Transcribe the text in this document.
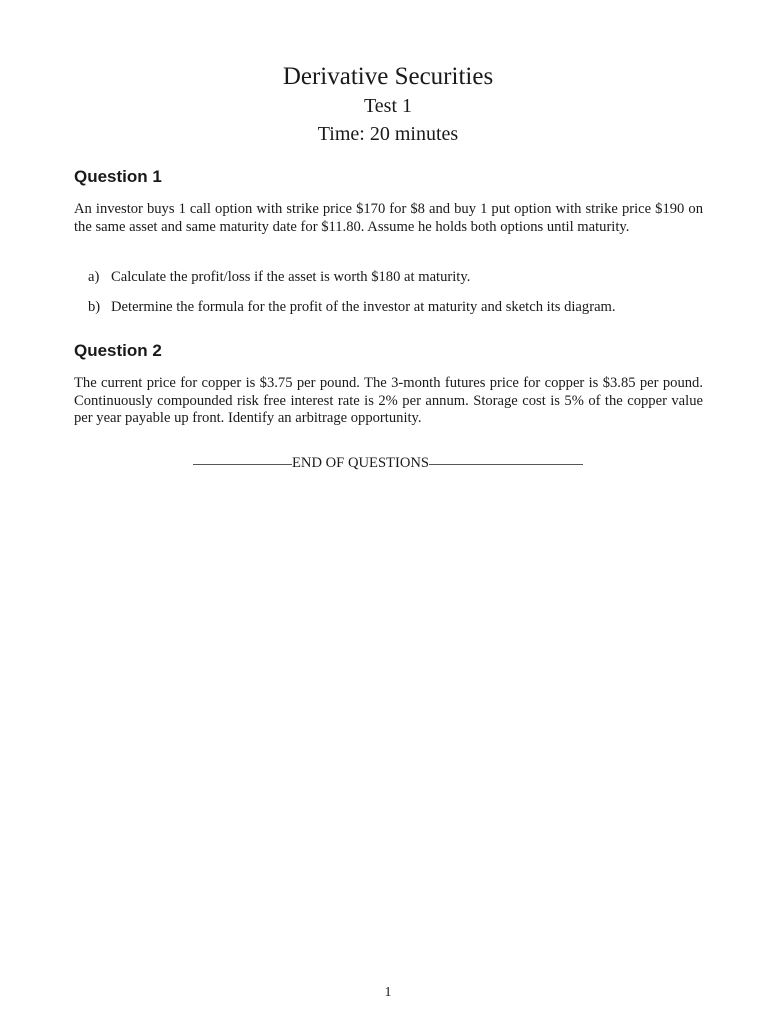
Derivative Securities
Test 1
Time: 20 minutes
Question 1

An investor buys 1 call option with strike price $170 for $8 and buy 1 put option with strike price $190 on the same asset and same maturity date for $11.80. Assume he holds both options until maturity.

a) Calculate the profit/loss if the asset is worth $180 at maturity.
b) Determine the formula for the profit of the investor at maturity and sketch its diagram.
Question 2

The current price for copper is $3.75 per pound. The 3-month futures price for copper is $3.85 per pound. Continuously compounded risk free interest rate is 2% per annum. Storage cost is 5% of the copper value per year payable up front. Identify an arbitrage opportunity.

END OF QUESTIONS
1
